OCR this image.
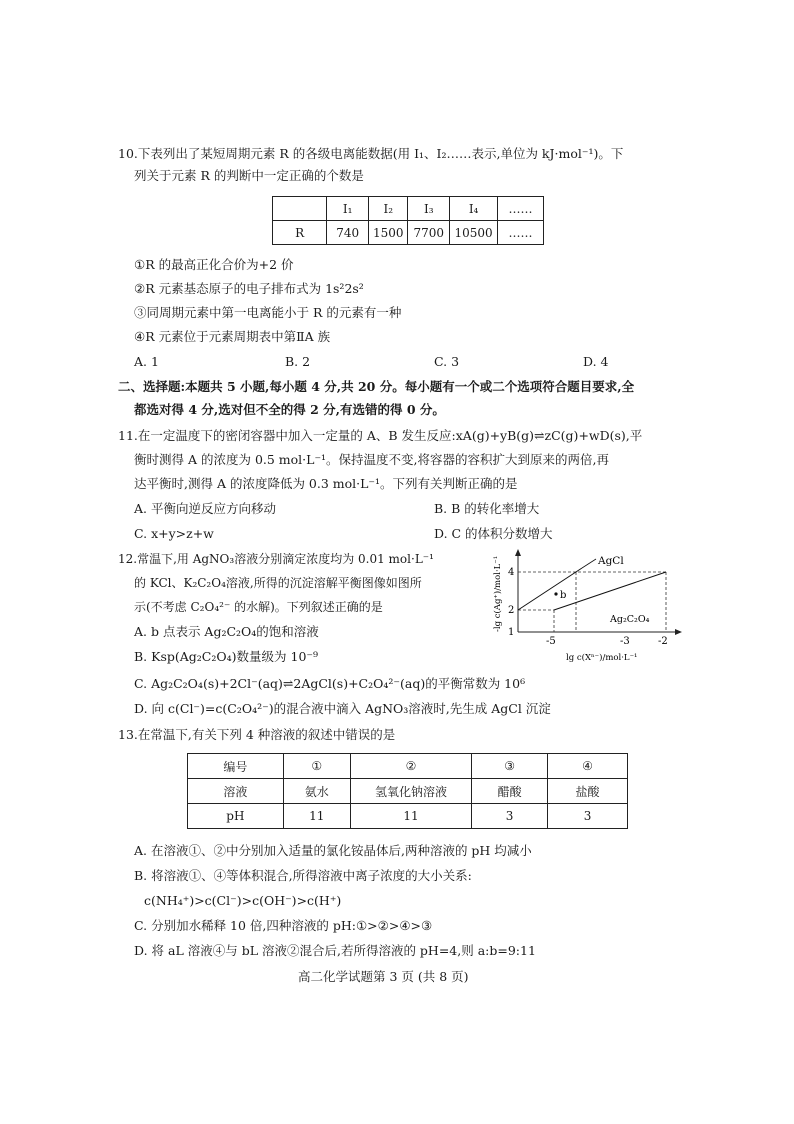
10.下表列出了某短周期元素 R 的各级电离能数据(用 I₁、I₂……表示,单位为 kJ·mol⁻¹)。下
列关于元素 R 的判断中一定正确的个数是
	I₁	I₂	I₃	I₄	……
R	740	1500	7700	10500	……
①R 的最高正化合价为+2 价
②R 元素基态原子的电子排布式为 1s²2s²
③同周期元素中第一电离能小于 R 的元素有一种
④R 元素位于元素周期表中第ⅡA 族
A. 1	B. 2	C. 3	D. 4
二、选择题:本题共 5 小题,每小题 4 分,共 20 分。每小题有一个或二个选项符合题目要求,全
都选对得 4 分,选对但不全的得 2 分,有选错的得 0 分。
11.在一定温度下的密闭容器中加入一定量的 A、B 发生反应:xA(g)+yB(g)⇌zC(g)+wD(s),平
衡时测得 A 的浓度为 0.5 mol·L⁻¹。保持温度不变,将容器的容积扩大到原来的两倍,再
达平衡时,测得 A 的浓度降低为 0.3 mol·L⁻¹。下列有关判断正确的是
A. 平衡向逆反应方向移动	B. B 的转化率增大
C. x+y>z+w	D. C 的体积分数增大
12.常温下,用 AgNO₃溶液分别滴定浓度均为 0.01 mol·L⁻¹
的 KCl、K₂C₂O₄溶液,所得的沉淀溶解平衡图像如图所
示(不考虑 C₂O₄²⁻ 的水解)。下列叙述正确的是
A. b 点表示 Ag₂C₂O₄的饱和溶液
B. Ksp(Ag₂C₂O₄)数量级为 10⁻⁹
C. Ag₂C₂O₄(s)+2Cl⁻(aq)⇌2AgCl(s)+C₂O₄²⁻(aq)的平衡常数为 10⁶
D. 向 c(Cl⁻)=c(C₂O₄²⁻)的混合液中滴入 AgNO₃溶液时,先生成 AgCl 沉淀
b
AgCl
Ag₂C₂O₄
4
2
1
-5	-3	-2
-lg c(Ag⁺)/mol·L⁻¹
lg c(Xⁿ⁻)/mol·L⁻¹
13.在常温下,有关下列 4 种溶液的叙述中错误的是
编号	①	②	③	④
溶液	氨水	氢氧化钠溶液	醋酸	盐酸
pH	11	11	3	3
A. 在溶液①、②中分别加入适量的氯化铵晶体后,两种溶液的 pH 均减小
B. 将溶液①、④等体积混合,所得溶液中离子浓度的大小关系:
c(NH₄⁺)>c(Cl⁻)>c(OH⁻)>c(H⁺)
C. 分别加水稀释 10 倍,四种溶液的 pH:①>②>④>③
D. 将 aL 溶液④与 bL 溶液②混合后,若所得溶液的 pH=4,则 a:b=9:11
高二化学试题第 3 页 (共 8 页)
